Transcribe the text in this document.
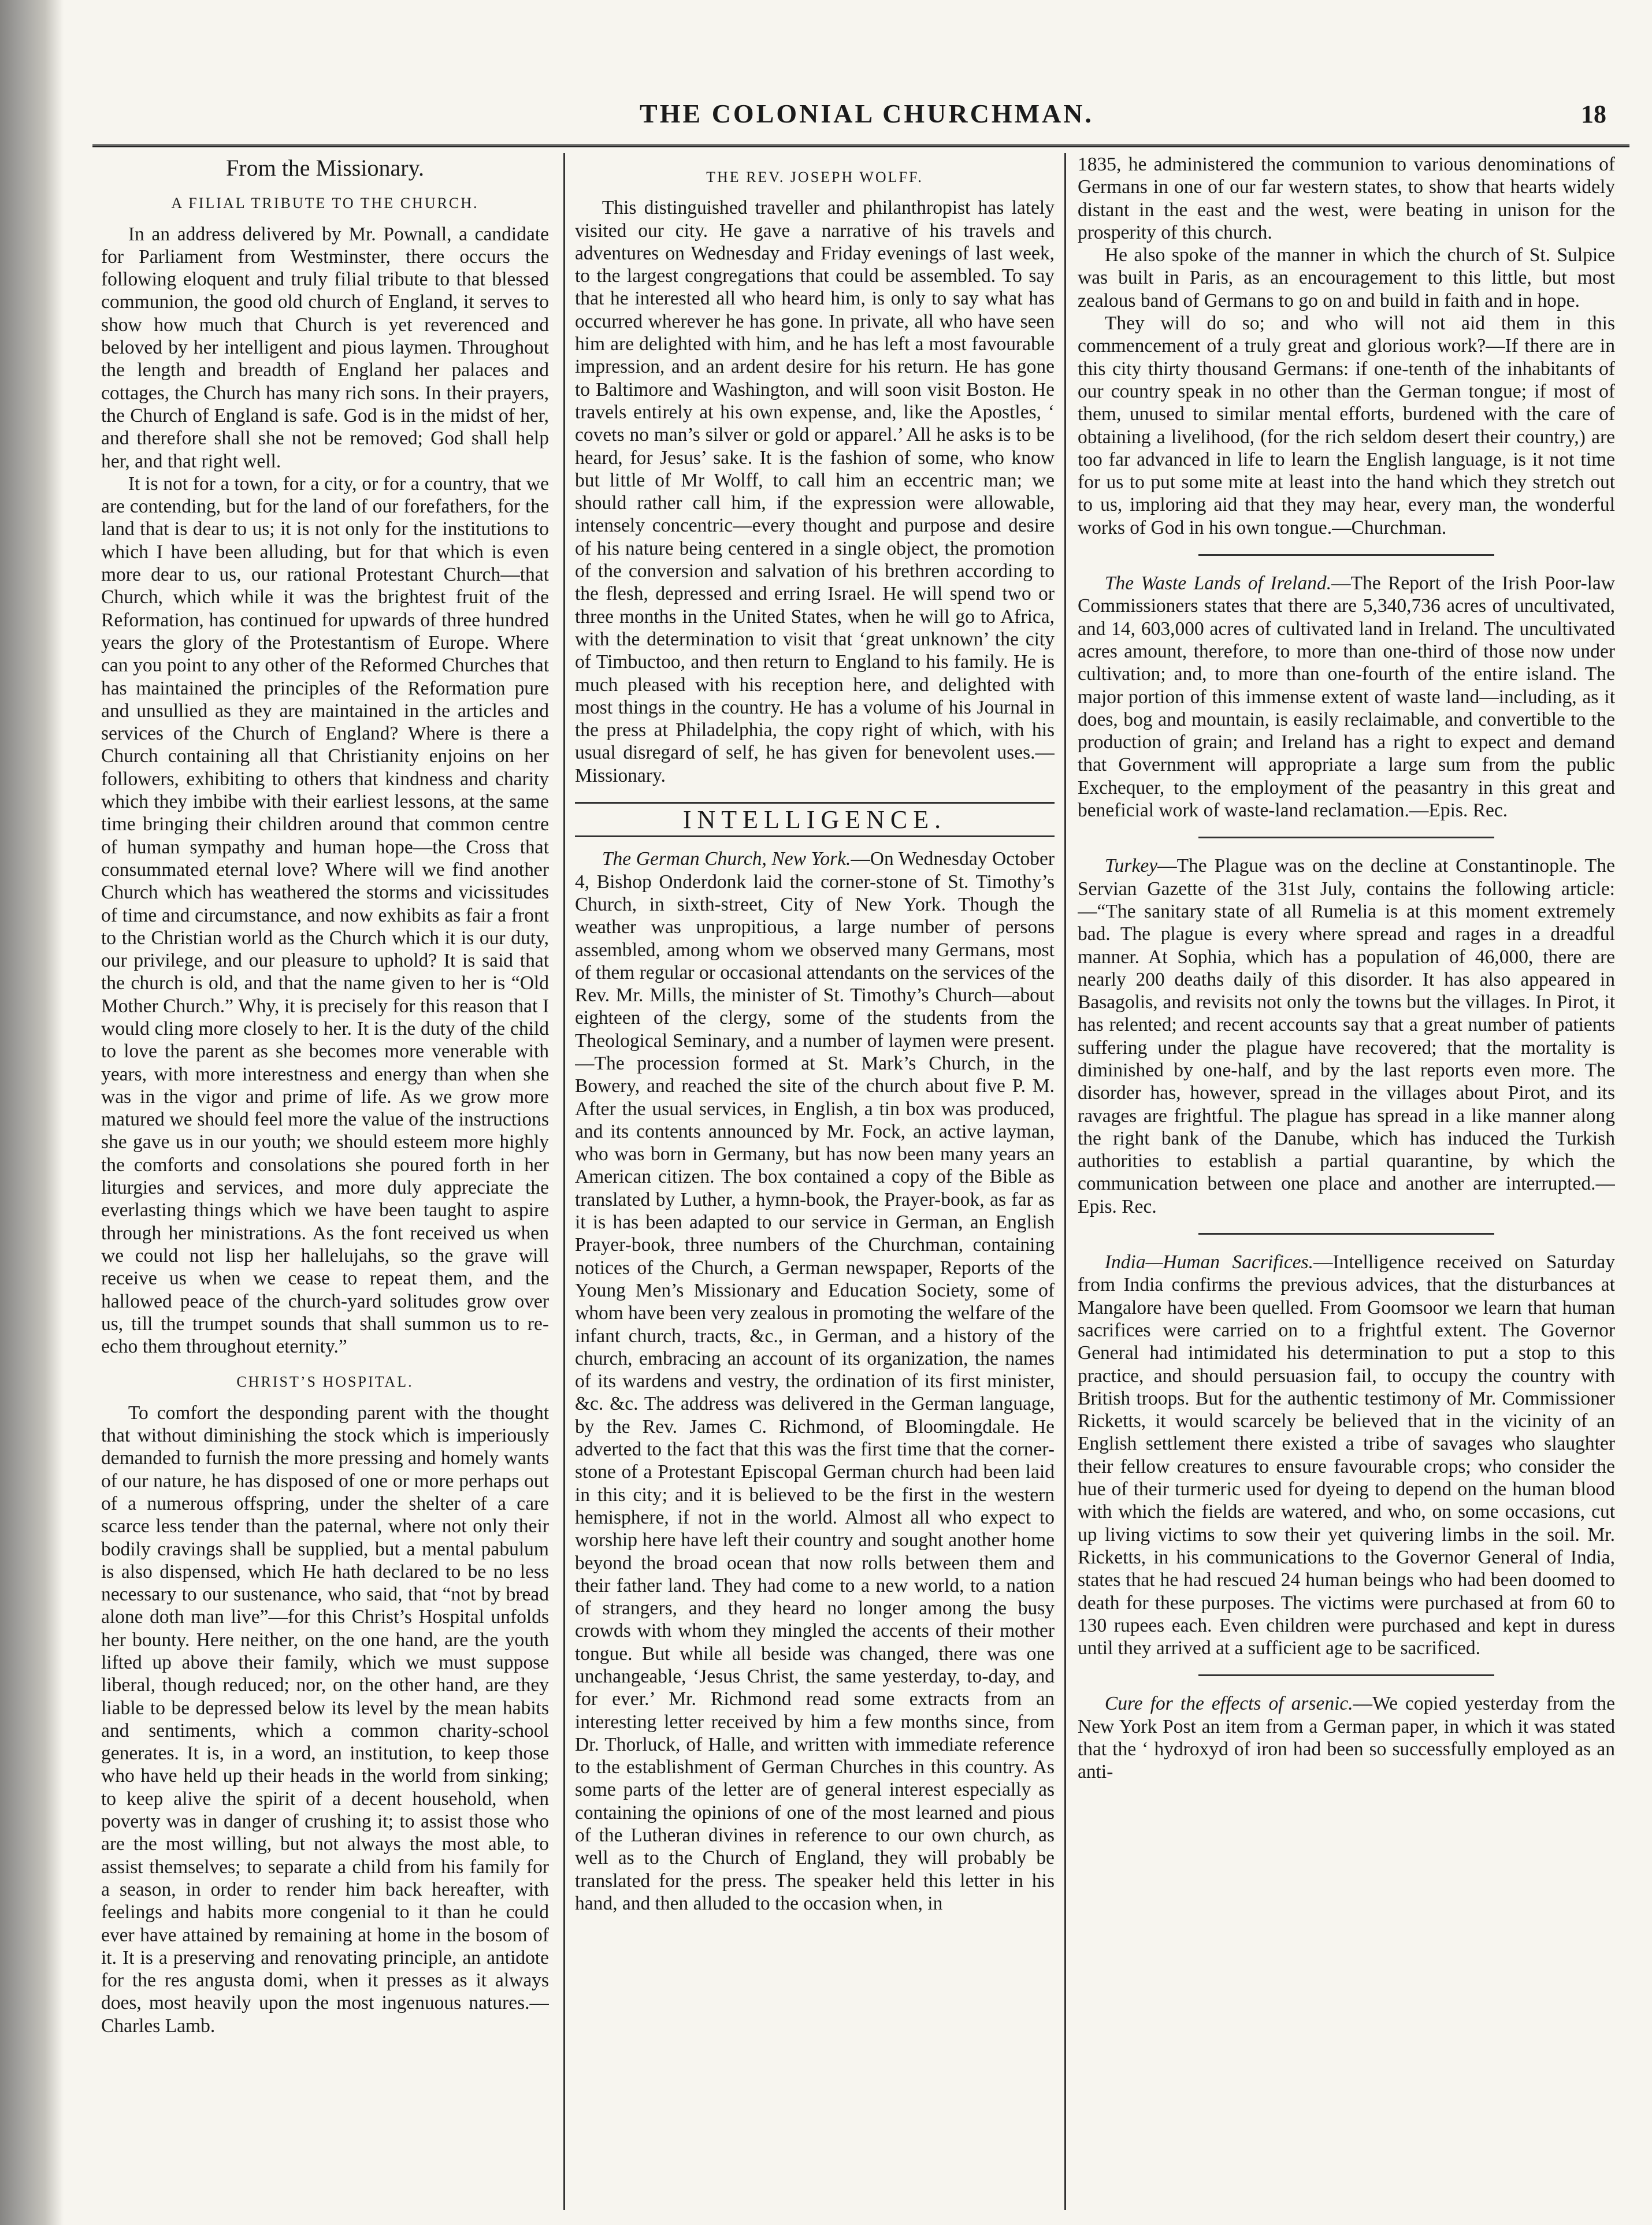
THE COLONIAL CHURCHMAN.	18

From the Missionary.

A FILIAL TRIBUTE TO THE CHURCH.

In an address delivered by Mr. Pownall, a candidate for Parliament from Westminster, there occurs the following eloquent and truly filial tribute to that blessed communion, the good old church of England, it serves to show how much that Church is yet reverenced and beloved by her intelligent and pious laymen. Throughout the length and breadth of England her palaces and cottages, the Church has many rich sons. In their prayers, the Church of England is safe. God is in the midst of her, and therefore shall she not be removed; God shall help her, and that right well.

It is not for a town, for a city, or for a country, that we are contending, but for the land of our forefathers, for the land that is dear to us; it is not only for the institutions to which I have been alluding, but for that which is even more dear to us, our rational Protestant Church—that Church, which while it was the brightest fruit of the Reformation, has continued for upwards of three hundred years the glory of the Protestantism of Europe. Where can you point to any other of the Reformed Churches that has maintained the principles of the Reformation pure and unsullied as they are maintained in the articles and services of the Church of England? Where is there a Church containing all that Christianity enjoins on her followers, exhibiting to others that kindness and charity which they imbibe with their earliest lessons, at the same time bringing their children around that common centre of human sympathy and human hope—the Cross that consummated eternal love? Where will we find another Church which has weathered the storms and vicissitudes of time and circumstance, and now exhibits as fair a front to the Christian world as the Church which it is our duty, our privilege, and our pleasure to uphold? It is said that the church is old, and that the name given to her is “Old Mother Church.” Why, it is precisely for this reason that I would cling more closely to her. It is the duty of the child to love the parent as she becomes more venerable with years, with more interestness and energy than when she was in the vigor and prime of life. As we grow more matured we should feel more the value of the instructions she gave us in our youth; we should esteem more highly the comforts and consolations she poured forth in her liturgies and services, and more duly appreciate the everlasting things which we have been taught to aspire through her ministrations. As the font received us when we could not lisp her hallelujahs, so the grave will receive us when we cease to repeat them, and the hallowed peace of the church-yard solitudes grow over us, till the trumpet sounds that shall summon us to re-echo them throughout eternity.”

CHRIST’S HOSPITAL.

To comfort the desponding parent with the thought that without diminishing the stock which is imperiously demanded to furnish the more pressing and homely wants of our nature, he has disposed of one or more perhaps out of a numerous offspring, under the shelter of a care scarce less tender than the paternal, where not only their bodily cravings shall be supplied, but a mental pabulum is also dispensed, which He hath declared to be no less necessary to our sustenance, who said, that “not by bread alone doth man live”—for this Christ’s Hospital unfolds her bounty. Here neither, on the one hand, are the youth lifted up above their family, which we must suppose liberal, though reduced; nor, on the other hand, are they liable to be depressed below its level by the mean habits and sentiments, which a common charity-school generates. It is, in a word, an institution, to keep those who have held up their heads in the world from sinking; to keep alive the spirit of a decent household, when poverty was in danger of crushing it; to assist those who are the most willing, but not always the most able, to assist themselves; to separate a child from his family for a season, in order to render him back hereafter, with feelings and habits more congenial to it than he could ever have attained by remaining at home in the bosom of it. It is a preserving and renovating principle, an antidote for the res angusta domi, when it presses as it always does, most heavily upon the most ingenuous natures.—Charles Lamb.

THE REV. JOSEPH WOLFF.

This distinguished traveller and philanthropist has lately visited our city. He gave a narrative of his travels and adventures on Wednesday and Friday evenings of last week, to the largest congregations that could be assembled. To say that he interested all who heard him, is only to say what has occurred wherever he has gone. In private, all who have seen him are delighted with him, and he has left a most favourable impression, and an ardent desire for his return. He has gone to Baltimore and Washington, and will soon visit Boston. He travels entirely at his own expense, and, like the Apostles, ‘ covets no man’s silver or gold or apparel.’ All he asks is to be heard, for Jesus’ sake. It is the fashion of some, who know but little of Mr Wolff, to call him an eccentric man; we should rather call him, if the expression were allowable, intensely concentric—every thought and purpose and desire of his nature being centered in a single object, the promotion of the conversion and salvation of his brethren according to the flesh, depressed and erring Israel. He will spend two or three months in the United States, when he will go to Africa, with the determination to visit that ‘great unknown’ the city of Timbuctoo, and then return to England to his family. He is much pleased with his reception here, and delighted with most things in the country. He has a volume of his Journal in the press at Philadelphia, the copy right of which, with his usual disregard of self, he has given for benevolent uses.—Missionary.

INTELLIGENCE.

The German Church, New York.—On Wednesday October 4, Bishop Onderdonk laid the corner-stone of St. Timothy’s Church, in sixth-street, City of New York. Though the weather was unpropitious, a large number of persons assembled, among whom we observed many Germans, most of them regular or occasional attendants on the services of the Rev. Mr. Mills, the minister of St. Timothy’s Church—about eighteen of the clergy, some of the students from the Theological Seminary, and a number of laymen were present.—The procession formed at St. Mark’s Church, in the Bowery, and reached the site of the church about five P. M. After the usual services, in English, a tin box was produced, and its contents announced by Mr. Fock, an active layman, who was born in Germany, but has now been many years an American citizen. The box contained a copy of the Bible as translated by Luther, a hymn-book, the Prayer-book, as far as it is has been adapted to our service in German, an English Prayer-book, three numbers of the Churchman, containing notices of the Church, a German newspaper, Reports of the Young Men’s Missionary and Education Society, some of whom have been very zealous in promoting the welfare of the infant church, tracts, &c., in German, and a history of the church, embracing an account of its organization, the names of its wardens and vestry, the ordination of its first minister, &c. &c. The address was delivered in the German language, by the Rev. James C. Richmond, of Bloomingdale. He adverted to the fact that this was the first time that the corner-stone of a Protestant Episcopal German church had been laid in this city; and it is believed to be the first in the western hemisphere, if not in the world. Almost all who expect to worship here have left their country and sought another home beyond the broad ocean that now rolls between them and their father land. They had come to a new world, to a nation of strangers, and they heard no longer among the busy crowds with whom they mingled the accents of their mother tongue. But while all beside was changed, there was one unchangeable, ‘Jesus Christ, the same yesterday, to-day, and for ever.’ Mr. Richmond read some extracts from an interesting letter received by him a few months since, from Dr. Thorluck, of Halle, and written with immediate reference to the establishment of German Churches in this country. As some parts of the letter are of general interest especially as containing the opinions of one of the most learned and pious of the Lutheran divines in reference to our own church, as well as to the Church of England, they will probably be translated for the press. The speaker held this letter in his hand, and then alluded to the occasion when, in

1835, he administered the communion to various denominations of Germans in one of our far western states, to show that hearts widely distant in the east and the west, were beating in unison for the prosperity of this church.

He also spoke of the manner in which the church of St. Sulpice was built in Paris, as an encouragement to this little, but most zealous band of Germans to go on and build in faith and in hope.

They will do so; and who will not aid them in this commencement of a truly great and glorious work?—If there are in this city thirty thousand Germans: if one-tenth of the inhabitants of our country speak in no other than the German tongue; if most of them, unused to similar mental efforts, burdened with the care of obtaining a livelihood, (for the rich seldom desert their country,) are too far advanced in life to learn the English language, is it not time for us to put some mite at least into the hand which they stretch out to us, imploring aid that they may hear, every man, the wonderful works of God in his own tongue.—Churchman.

The Waste Lands of Ireland.—The Report of the Irish Poor-law Commissioners states that there are 5,340,736 acres of uncultivated, and 14, 603,000 acres of cultivated land in Ireland. The uncultivated acres amount, therefore, to more than one-third of those now under cultivation; and, to more than one-fourth of the entire island. The major portion of this immense extent of waste land—including, as it does, bog and mountain, is easily reclaimable, and convertible to the production of grain; and Ireland has a right to expect and demand that Government will appropriate a large sum from the public Exchequer, to the employment of the peasantry in this great and beneficial work of waste-land reclamation.—Epis. Rec.

Turkey—The Plague was on the decline at Constantinople. The Servian Gazette of the 31st July, contains the following article:—“The sanitary state of all Rumelia is at this moment extremely bad. The plague is every where spread and rages in a dreadful manner. At Sophia, which has a population of 46,000, there are nearly 200 deaths daily of this disorder. It has also appeared in Basagolis, and revisits not only the towns but the villages. In Pirot, it has relented; and recent accounts say that a great number of patients suffering under the plague have recovered; that the mortality is diminished by one-half, and by the last reports even more. The disorder has, however, spread in the villages about Pirot, and its ravages are frightful. The plague has spread in a like manner along the right bank of the Danube, which has induced the Turkish authorities to establish a partial quarantine, by which the communication between one place and another are interrupted.—Epis. Rec.

India—Human Sacrifices.—Intelligence received on Saturday from India confirms the previous advices, that the disturbances at Mangalore have been quelled. From Goomsoor we learn that human sacrifices were carried on to a frightful extent. The Governor General had intimidated his determination to put a stop to this practice, and should persuasion fail, to occupy the country with British troops. But for the authentic testimony of Mr. Commissioner Ricketts, it would scarcely be believed that in the vicinity of an English settlement there existed a tribe of savages who slaughter their fellow creatures to ensure favourable crops; who consider the hue of their turmeric used for dyeing to depend on the human blood with which the fields are watered, and who, on some occasions, cut up living victims to sow their yet quivering limbs in the soil. Mr. Ricketts, in his communications to the Governor General of India, states that he had rescued 24 human beings who had been doomed to death for these purposes. The victims were purchased at from 60 to 130 rupees each. Even children were purchased and kept in duress until they arrived at a sufficient age to be sacrificed.

Cure for the effects of arsenic.—We copied yesterday from the New York Post an item from a German paper, in which it was stated that the ‘ hydroxyd of iron had been so successfully employed as an anti-
